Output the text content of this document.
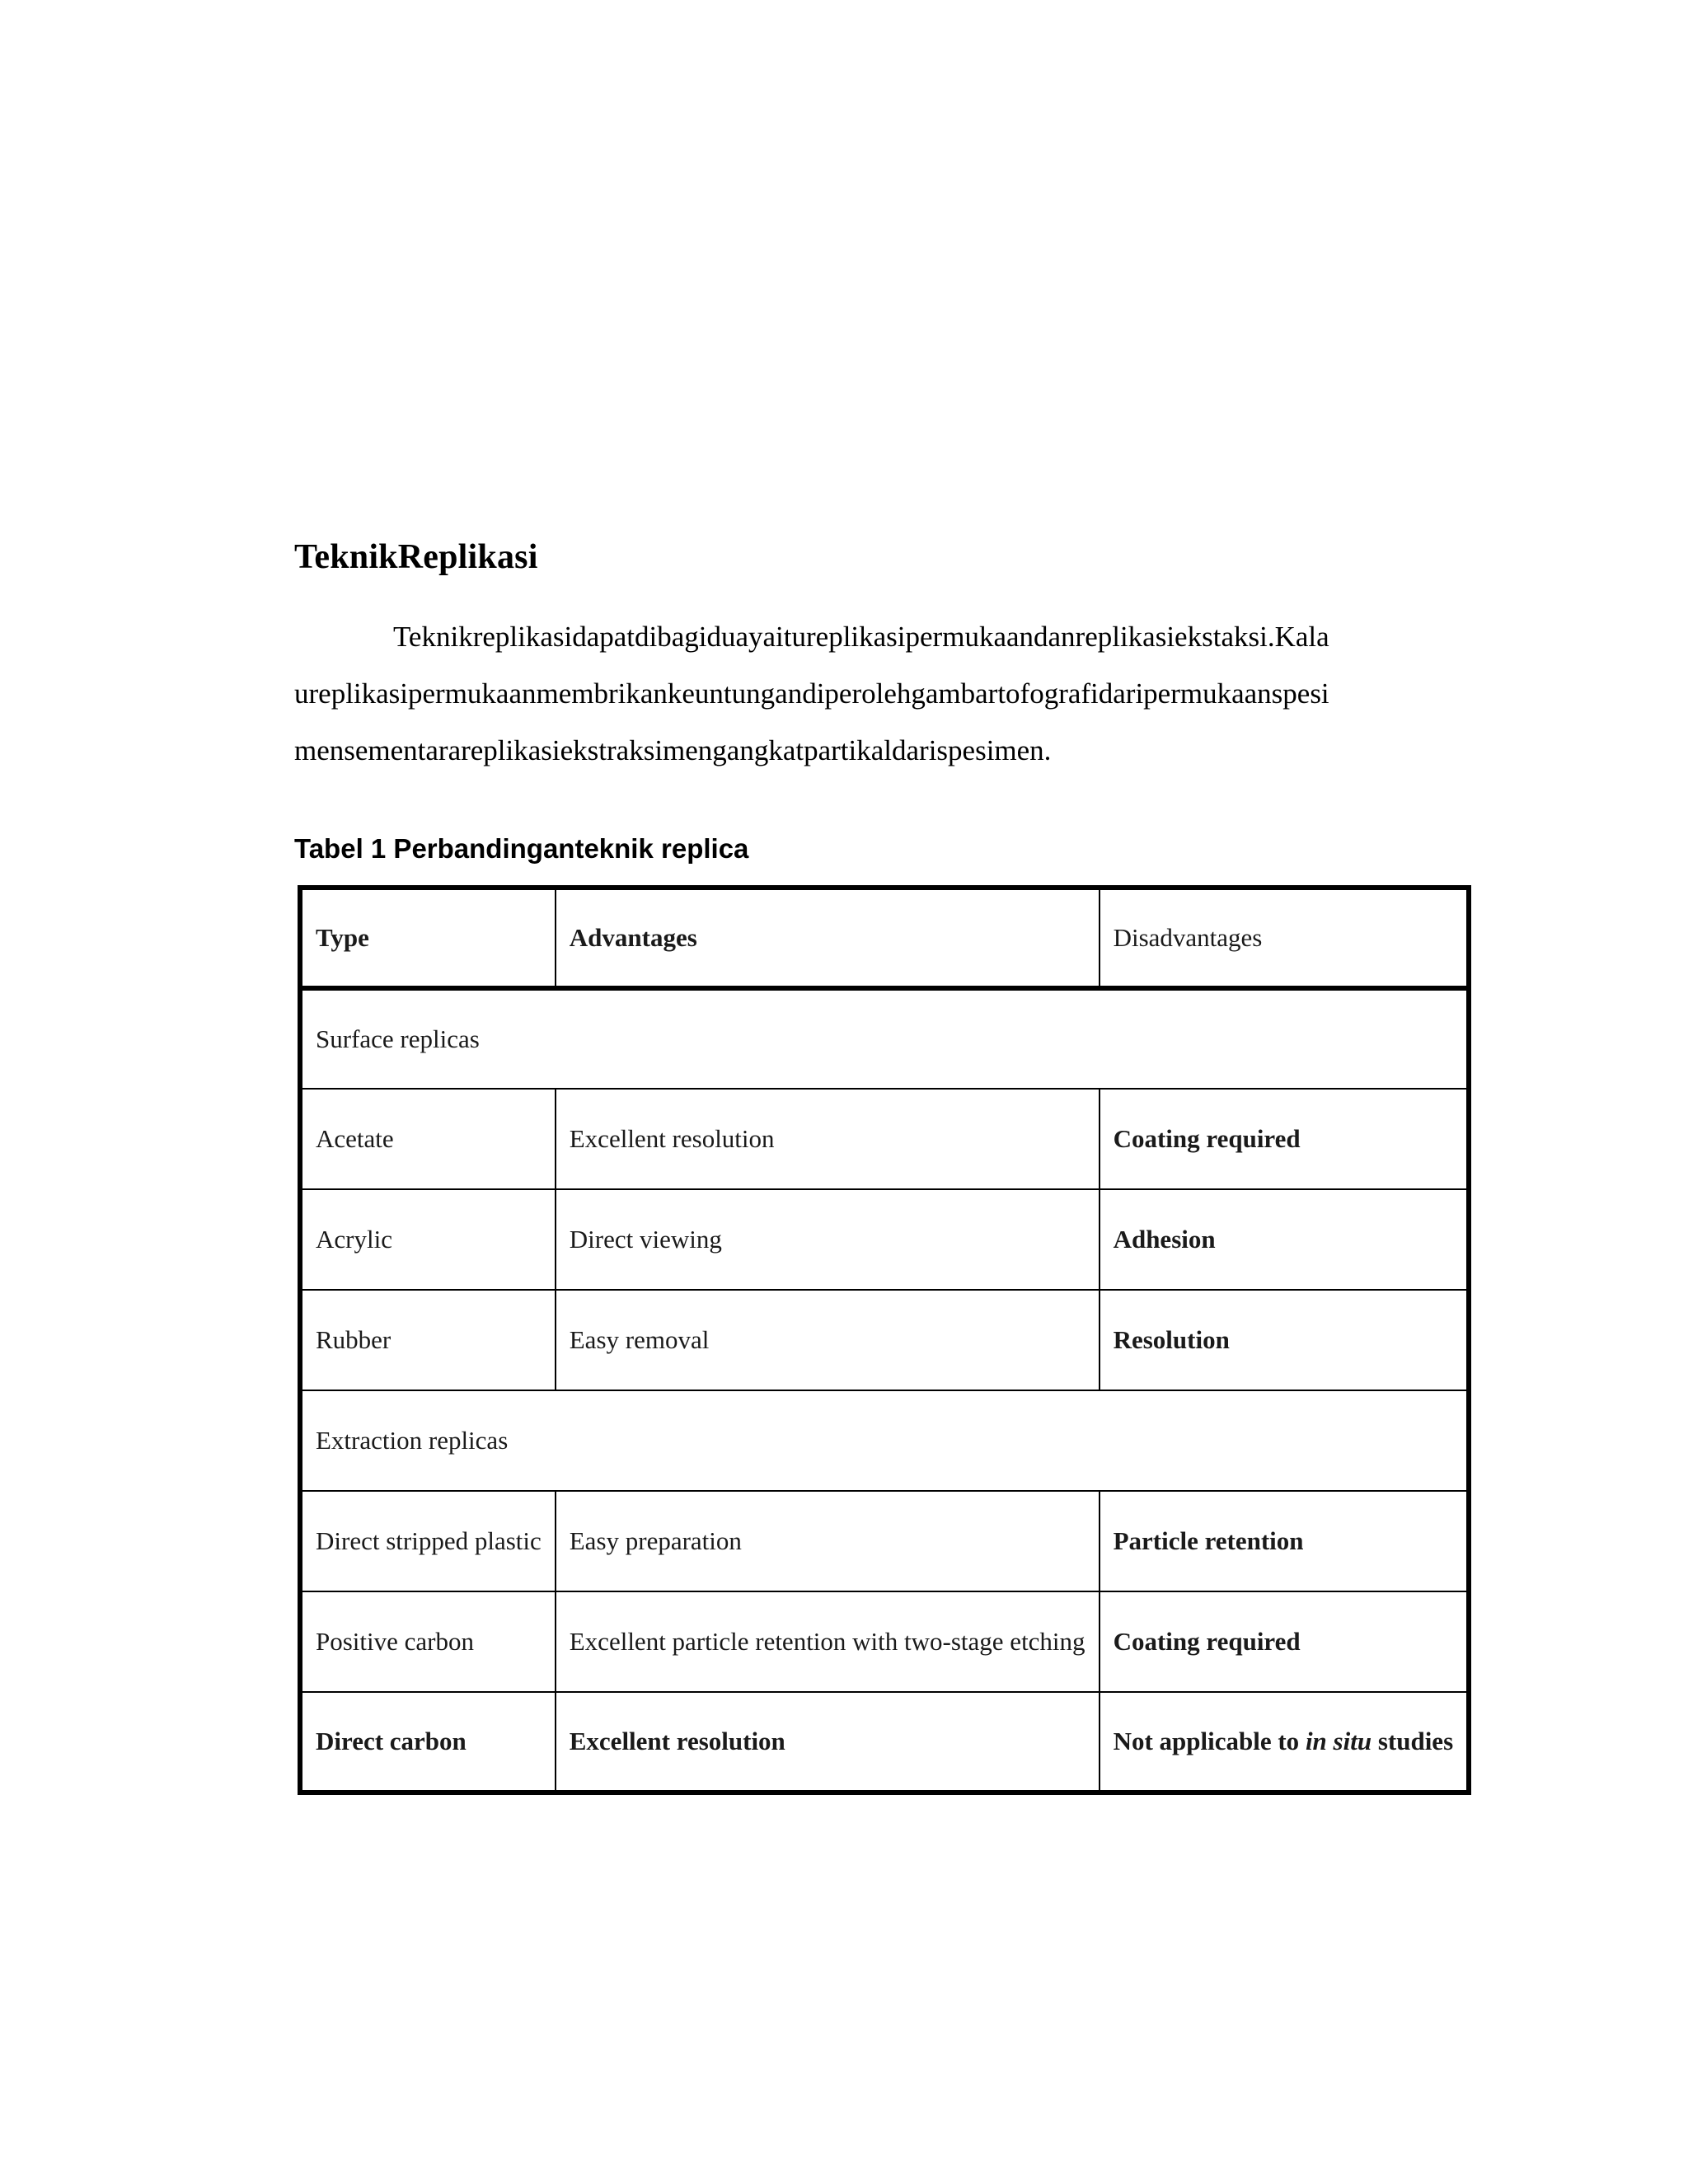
TeknikReplikasi

Teknikreplikasidapatdibagiduayaitureplikasipermukaandanreplikasiekstaksi.Kala
ureplikasipermukaanmembrikankeuntungandiperolehgambartofografidaripermukaanspesi
mensementarareplikasiekstraksimengangkatpartikaldarispesimen.

Tabel 1 Perbandinganteknik replica
Type	Advantages	Disadvantages
Surface replicas		
Acetate	Excellent resolution	Coating required
Acrylic	Direct viewing	Adhesion
Rubber	Easy removal	Resolution
Extraction replicas		
Direct stripped plastic	Easy preparation	Particle retention
Positive carbon	Excellent particle retention with two-stage etching	Coating required
Direct carbon	Excellent resolution	Not applicable to in situ studies
